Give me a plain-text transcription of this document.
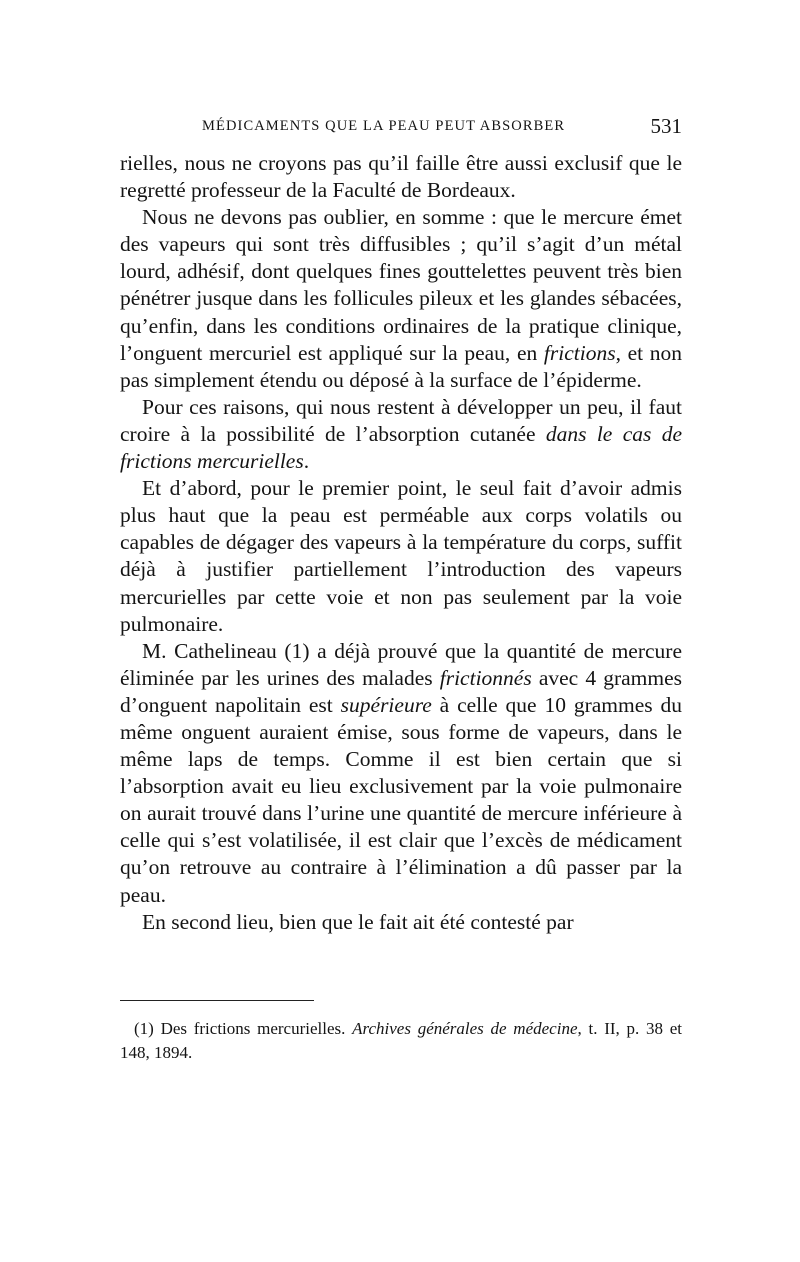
MÉDICAMENTS QUE LA PEAU PEUT ABSORBER	531

rielles, nous ne croyons pas qu’il faille être aussi exclusif que le regretté professeur de la Faculté de Bordeaux.

Nous ne devons pas oublier, en somme : que le mercure émet des vapeurs qui sont très diffusibles ; qu’il s’agit d’un métal lourd, adhésif, dont quelques fines gouttelettes peuvent très bien pénétrer jusque dans les follicules pileux et les glandes sébacées, qu’enfin, dans les conditions ordinaires de la pratique clinique, l’onguent mercuriel est appliqué sur la peau, en frictions, et non pas simplement étendu ou déposé à la surface de l’épiderme.

Pour ces raisons, qui nous restent à développer un peu, il faut croire à la possibilité de l’absorption cutanée dans le cas de frictions mercurielles.

Et d’abord, pour le premier point, le seul fait d’avoir admis plus haut que la peau est perméable aux corps volatils ou capables de dégager des vapeurs à la température du corps, suffit déjà à justifier partiellement l’introduction des vapeurs mercurielles par cette voie et non pas seulement par la voie pulmonaire.

M. Cathelineau (1) a déjà prouvé que la quantité de mercure éliminée par les urines des malades frictionnés avec 4 grammes d’onguent napolitain est supérieure à celle que 10 grammes du même onguent auraient émise, sous forme de vapeurs, dans le même laps de temps. Comme il est bien certain que si l’absorption avait eu lieu exclusivement par la voie pulmonaire on aurait trouvé dans l’urine une quantité de mercure inférieure à celle qui s’est volatilisée, il est clair que l’excès de médicament qu’on retrouve au contraire à l’élimination a dû passer par la peau.

En second lieu, bien que le fait ait été contesté par

(1) Des frictions mercurielles. Archives générales de médecine, t. II, p. 38 et 148, 1894.
